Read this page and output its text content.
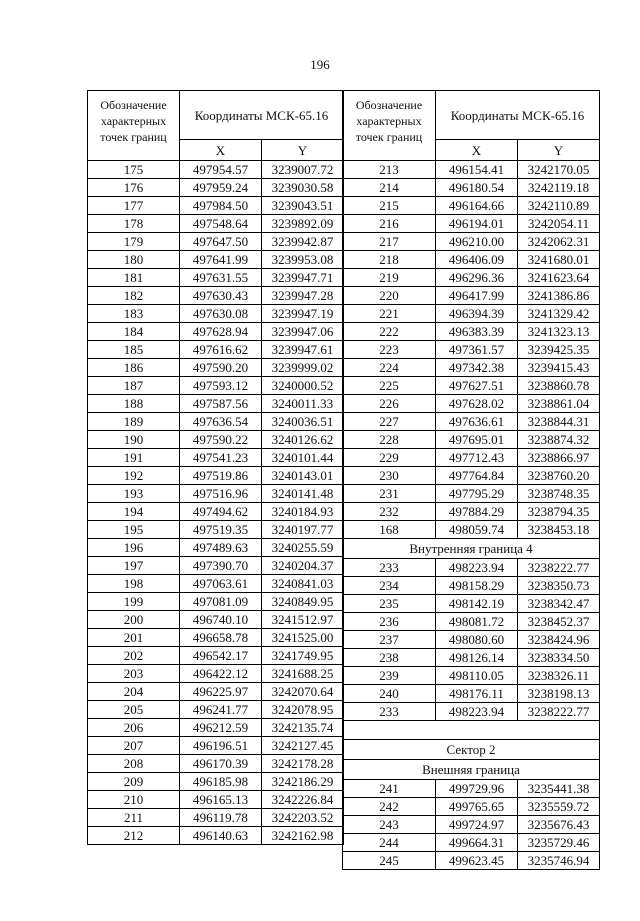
196
Обозначение характерных точек границ	Координаты МСК-65.16	
	X	Y
175	497954.57	3239007.72
176	497959.24	3239030.58
177	497984.50	3239043.51
178	497548.64	3239892.09
179	497647.50	3239942.87
180	497641.99	3239953.08
181	497631.55	3239947.71
182	497630.43	3239947.28
183	497630.08	3239947.19
184	497628.94	3239947.06
185	497616.62	3239947.61
186	497590.20	3239999.02
187	497593.12	3240000.52
188	497587.56	3240011.33
189	497636.54	3240036.51
190	497590.22	3240126.62
191	497541.23	3240101.44
192	497519.86	3240143.01
193	497516.96	3240141.48
194	497494.62	3240184.93
195	497519.35	3240197.77
196	497489.63	3240255.59
197	497390.70	3240204.37
198	497063.61	3240841.03
199	497081.09	3240849.95
200	496740.10	3241512.97
201	496658.78	3241525.00
202	496542.17	3241749.95
203	496422.12	3241688.25
204	496225.97	3242070.64
205	496241.77	3242078.95
206	496212.59	3242135.74
207	496196.51	3242127.45
208	496170.39	3242178.28
209	496185.98	3242186.29
210	496165.13	3242226.84
211	496119.78	3242203.52
212	496140.63	3242162.98
Обозначение характерных точек границ	Координаты МСК-65.16	
	X	Y
213	496154.41	3242170.05
214	496180.54	3242119.18
215	496164.66	3242110.89
216	496194.01	3242054.11
217	496210.00	3242062.31
218	496406.09	3241680.01
219	496296.36	3241623.64
220	496417.99	3241386.86
221	496394.39	3241329.42
222	496383.39	3241323.13
223	497361.57	3239425.35
224	497342.38	3239415.43
225	497627.51	3238860.78
226	497628.02	3238861.04
227	497636.61	3238844.31
228	497695.01	3238874.32
229	497712.43	3238866.97
230	497764.84	3238760.20
231	497795.29	3238748.35
232	497884.29	3238794.35
168	498059.74	3238453.18
Внутренняя граница 4		
233	498223.94	3238222.77
234	498158.29	3238350.73
235	498142.19	3238342.47
236	498081.72	3238452.37
237	498080.60	3238424.96
238	498126.14	3238334.50
239	498110.05	3238326.11
240	498176.11	3238198.13
233	498223.94	3238222.77

Сектор 2		
Внешняя граница		
241	499729.96	3235441.38
242	499765.65	3235559.72
243	499724.97	3235676.43
244	499664.31	3235729.46
245	499623.45	3235746.94
